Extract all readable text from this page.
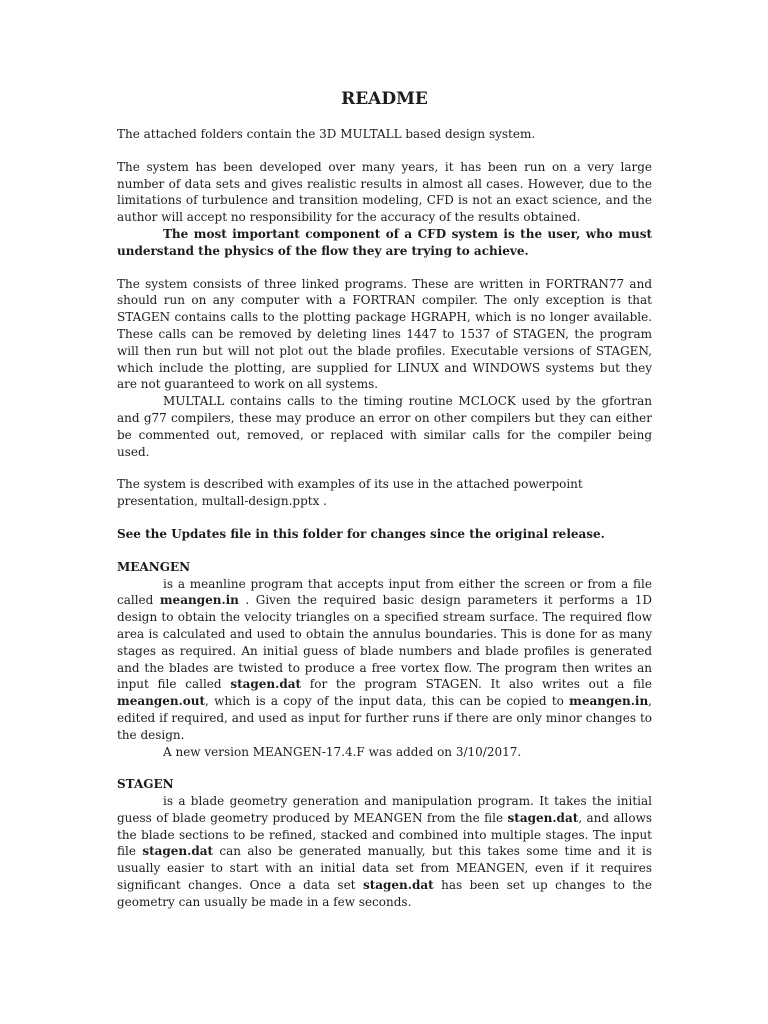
README

The attached folders contain the 3D MULTALL based design system.

The system has been developed over many years, it has been run on a very large number of data sets and gives realistic results in almost all cases. However, due to the limitations of turbulence and transition modeling, CFD is not an exact science, and the author will accept no responsibility for the accuracy of the results obtained.

The most important component of a CFD system is the user, who must understand the physics of the flow they are trying to achieve.

The system consists of three linked programs. These are written in FORTRAN77 and should run on any computer with a FORTRAN compiler. The only exception is that STAGEN contains calls to the plotting package HGRAPH, which is no longer available. These calls can be removed by deleting lines 1447 to 1537 of STAGEN, the program will then run but will not plot out the blade profiles. Executable versions of STAGEN, which include the plotting, are supplied for LINUX and WINDOWS systems but they are not guaranteed to work on all systems.

MULTALL contains calls to the timing routine MCLOCK used by the gfortran and g77 compilers, these may produce an error on other compilers but they can either be commented out, removed, or replaced with similar calls for the compiler being used.

The system is described with examples of its use in the attached powerpoint presentation, multall-design.pptx .

See the Updates file in this folder for changes since the original release.

MEANGEN

is a meanline program that accepts input from either the screen or from a file called meangen.in . Given the required basic design parameters it performs a 1D design to obtain the velocity triangles on a specified stream surface. The required flow area is calculated and used to obtain the annulus boundaries. This is done for as many stages as required. An initial guess of blade numbers and blade profiles is generated and the blades are twisted to produce a free vortex flow. The program then writes an input file called stagen.dat for the program STAGEN. It also writes out a file meangen.out, which is a copy of the input data, this can be copied to meangen.in, edited if required, and used as input for further runs if there are only minor changes to the design.

A new version MEANGEN-17.4.F was added on 3/10/2017.

STAGEN

is a blade geometry generation and manipulation program. It takes the initial guess of blade geometry produced by MEANGEN from the file stagen.dat, and allows the blade sections to be refined, stacked and combined into multiple stages. The input file stagen.dat can also be generated manually, but this takes some time and it is usually easier to start with an initial data set from MEANGEN, even if it requires significant changes. Once a data set stagen.dat has been set up changes to the geometry can usually be made in a few seconds.
